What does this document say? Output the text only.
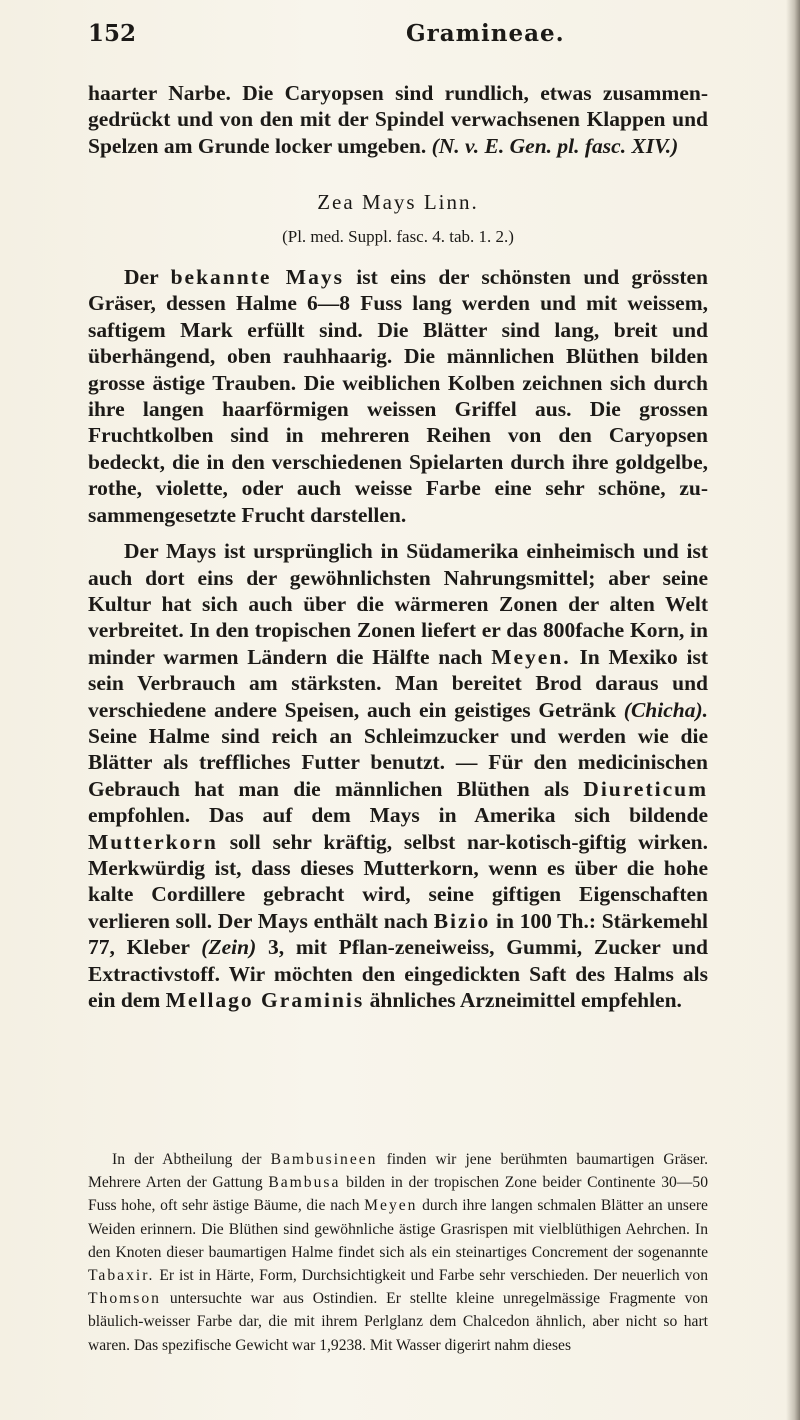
152	Gramineae.

haarter Narbe. Die Caryopsen sind rundlich, etwas zusammen-gedrückt und von den mit der Spindel verwachsenen Klappen und Spelzen am Grunde locker umgeben. (N. v. E. Gen. pl. fasc. XIV.)

Zea Mays Linn.

(Pl. med. Suppl. fasc. 4. tab. 1. 2.)

Der bekannte Mays ist eins der schönsten und grössten Gräser, dessen Halme 6—8 Fuss lang werden und mit weissem, saftigem Mark erfüllt sind. Die Blätter sind lang, breit und überhängend, oben rauhhaarig. Die männlichen Blüthen bilden grosse ästige Trauben. Die weiblichen Kolben zeichnen sich durch ihre langen haarförmigen weissen Griffel aus. Die grossen Fruchtkolben sind in mehreren Reihen von den Caryopsen bedeckt, die in den verschiedenen Spielarten durch ihre goldgelbe, rothe, violette, oder auch weisse Farbe eine sehr schöne, zu-sammengesetzte Frucht darstellen.

Der Mays ist ursprünglich in Südamerika einheimisch und ist auch dort eins der gewöhnlichsten Nahrungsmittel; aber seine Kultur hat sich auch über die wärmeren Zonen der alten Welt verbreitet. In den tropischen Zonen liefert er das 800fache Korn, in minder warmen Ländern die Hälfte nach Meyen. In Mexiko ist sein Verbrauch am stärksten. Man bereitet Brod daraus und verschiedene andere Speisen, auch ein geistiges Getränk (Chicha). Seine Halme sind reich an Schleimzucker und werden wie die Blätter als treffliches Futter benutzt. — Für den medicinischen Gebrauch hat man die männlichen Blüthen als Diureticum empfohlen. Das auf dem Mays in Amerika sich bildende Mutterkorn soll sehr kräftig, selbst nar-kotisch-giftig wirken. Merkwürdig ist, dass dieses Mutterkorn, wenn es über die hohe kalte Cordillere gebracht wird, seine giftigen Eigenschaften verlieren soll. Der Mays enthält nach Bizio in 100 Th.: Stärkemehl 77, Kleber (Zein) 3, mit Pflan-zeneiweiss, Gummi, Zucker und Extractivstoff. Wir möchten den eingedickten Saft des Halms als ein dem Mellago Graminis ähnliches Arzneimittel empfehlen.

In der Abtheilung der Bambusineen finden wir jene berühmten baumartigen Gräser. Mehrere Arten der Gattung Bambusa bilden in der tropischen Zone beider Continente 30—50 Fuss hohe, oft sehr ästige Bäume, die nach Meyen durch ihre langen schmalen Blätter an unsere Weiden erinnern. Die Blüthen sind gewöhnliche ästige Grasrispen mit vielblüthigen Aehrchen. In den Knoten dieser baumartigen Halme findet sich als ein steinartiges Concrement der sogenannte Tabaxir. Er ist in Härte, Form, Durchsichtigkeit und Farbe sehr verschieden. Der neuerlich von Thomson untersuchte war aus Ostindien. Er stellte kleine unregelmässige Fragmente von bläulich-weisser Farbe dar, die mit ihrem Perlglanz dem Chalcedon ähnlich, aber nicht so hart waren. Das spezifische Gewicht war 1,9238. Mit Wasser digerirt nahm dieses
